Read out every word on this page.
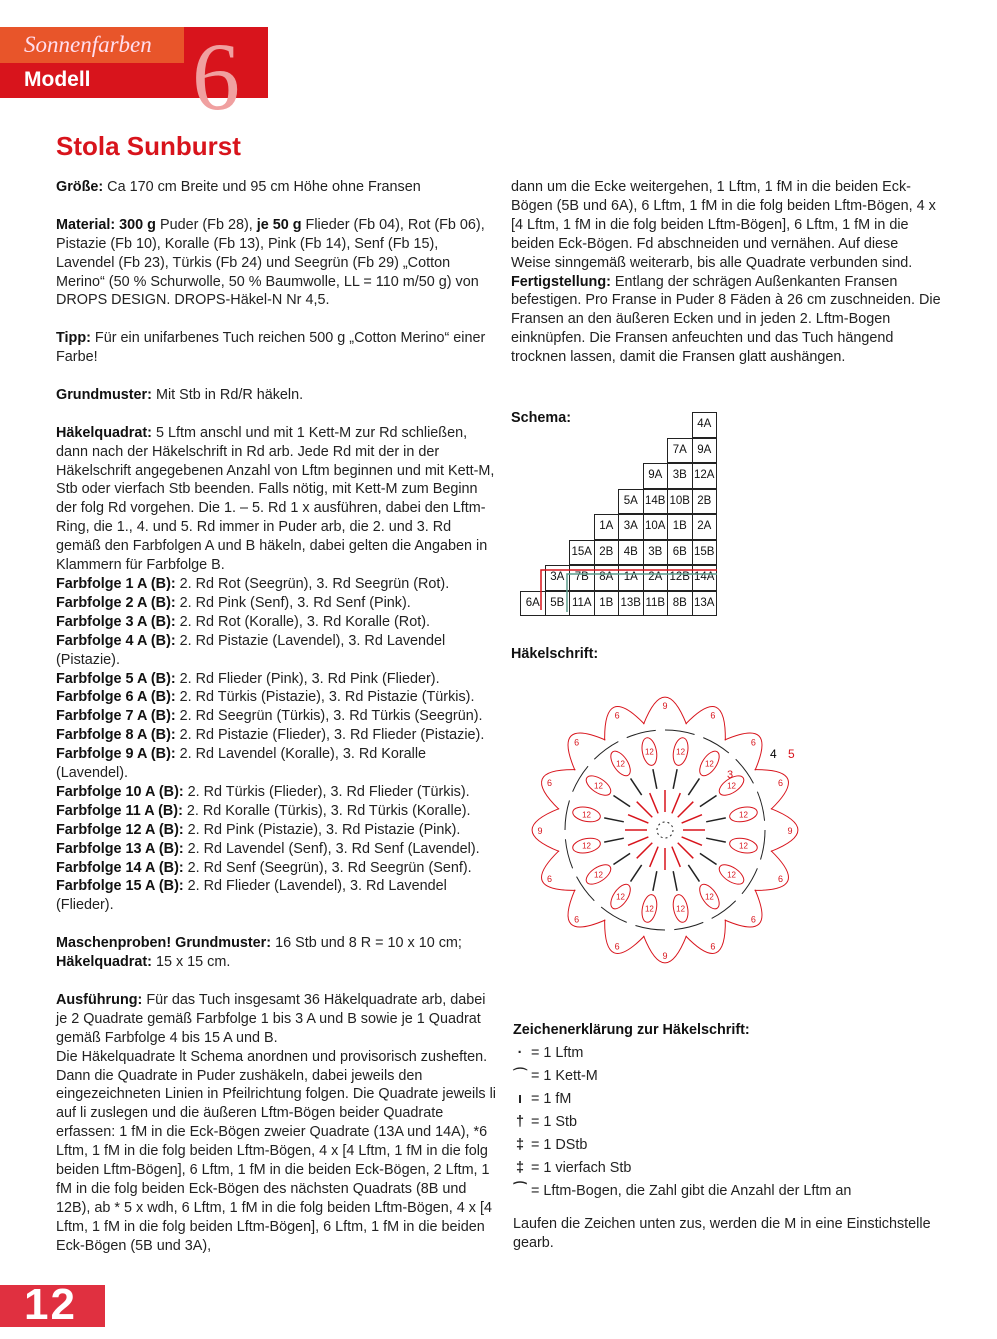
Sonnenfarben
Modell 6
Stola Sunburst

Größe: Ca 170 cm Breite und 95 cm Höhe ohne Fransen

Material: 300 g Puder (Fb 28), je 50 g Flieder (Fb 04), Rot (Fb 06), Pistazie (Fb 10), Koralle (Fb 13), Pink (Fb 14), Senf (Fb 15), Lavendel (Fb 23), Türkis (Fb 24) und Seegrün (Fb 29) „Cotton Merino“ (50 % Schurwolle, 50 % Baumwolle, LL = 110 m/50 g) von DROPS DESIGN. DROPS-Häkel-N Nr 4,5.

Tipp: Für ein unifarbenes Tuch reichen 500 g „Cotton Merino“ einer Farbe!

Grundmuster: Mit Stb in Rd/R häkeln.

Häkelquadrat: 5 Lftm anschl und mit 1 Kett-M zur Rd schließen, dann nach der Häkelschrift in Rd arb. Jede Rd mit der in der Häkelschrift angegebenen Anzahl von Lftm beginnen und mit Kett-M, Stb oder vierfach Stb beenden. Falls nötig, mit Kett-M zum Beginn der folg Rd vorgehen. Die 1. – 5. Rd 1 x ausführen, dabei den Lftm-Ring, die 1., 4. und 5. Rd immer in Puder arb, die 2. und 3. Rd gemäß den Farbfolgen A und B häkeln, dabei gelten die Angaben in Klammern für Farbfolge B.

Farbfolge 1 A (B): 2. Rd Rot (Seegrün), 3. Rd Seegrün (Rot).

Farbfolge 2 A (B): 2. Rd Pink (Senf), 3. Rd Senf (Pink).

Farbfolge 3 A (B): 2. Rd Rot (Koralle), 3. Rd Koralle (Rot).

Farbfolge 4 A (B): 2. Rd Pistazie (Lavendel), 3. Rd Lavendel (Pistazie).

Farbfolge 5 A (B): 2. Rd Flieder (Pink), 3. Rd Pink (Flieder).

Farbfolge 6 A (B): 2. Rd Türkis (Pistazie), 3. Rd Pistazie (Türkis).

Farbfolge 7 A (B): 2. Rd Seegrün (Türkis), 3. Rd Türkis (Seegrün).

Farbfolge 8 A (B): 2. Rd Pistazie (Flieder), 3. Rd Flieder (Pistazie).

Farbfolge 9 A (B): 2. Rd Lavendel (Koralle), 3. Rd Koralle (Lavendel).

Farbfolge 10 A (B): 2. Rd Türkis (Flieder), 3. Rd Flieder (Türkis).

Farbfolge 11 A (B): 2. Rd Koralle (Türkis), 3. Rd Türkis (Koralle).

Farbfolge 12 A (B): 2. Rd Pink (Pistazie), 3. Rd Pistazie (Pink).

Farbfolge 13 A (B): 2. Rd Lavendel (Senf), 3. Rd Senf (Lavendel).

Farbfolge 14 A (B): 2. Rd Senf (Seegrün), 3. Rd Seegrün (Senf).

Farbfolge 15 A (B): 2. Rd Flieder (Lavendel), 3. Rd Lavendel (Flieder).

Maschenproben! Grundmuster: 16 Stb und 8 R = 10 x 10 cm; Häkelquadrat: 15 x 15 cm.

Ausführung: Für das Tuch insgesamt 36 Häkelquadrate arb, dabei je 2 Quadrate gemäß Farbfolge 1 bis 3 A und B sowie je 1 Quadrat gemäß Farbfolge 4 bis 15 A und B.

Die Häkelquadrate lt Schema anordnen und provisorisch zusheften. Dann die Quadrate in Puder zushäkeln, dabei jeweils den eingezeichneten Linien in Pfeilrichtung folgen. Die Quadrate jeweils li auf li zuslegen und die äußeren Lftm-Bögen beider Quadrate erfassen: 1 fM in die Eck-Bögen zweier Quadrate (13A und 14A), *6 Lftm, 1 fM in die folg beiden Lftm-Bögen, 4 x [4 Lftm, 1 fM in die folg beiden Lftm-Bögen], 6 Lftm, 1 fM in die beiden Eck-Bögen, 2 Lftm, 1 fM in die folg beiden Eck-Bögen des nächsten Quadrats (8B und 12B), ab * 5 x wdh, 6 Lftm, 1 fM in die folg beiden Lftm-Bögen, 4 x [4 Lftm, 1 fM in die folg beiden Lftm-Bögen], 6 Lftm, 1 fM in die beiden Eck-Bögen (5B und 3A),

dann um die Ecke weitergehen, 1 Lftm, 1 fM in die beiden Eck-Bögen (5B und 6A), 6 Lftm, 1 fM in die folg beiden Lftm-Bögen, 4 x [4 Lftm, 1 fM in die folg beiden Lftm-Bögen], 6 Lftm, 1 fM in die beiden Eck-Bögen. Fd abschneiden und vernähen. Auf diese Weise sinngemäß weiterarb, bis alle Quadrate verbunden sind.

Fertigstellung: Entlang der schrägen Außenkanten Fransen befestigen. Pro Franse in Puder 8 Fäden à 26 cm zuschneiden. Die Fransen an den äußeren Ecken und in jeden 2. Lftm-Bogen einknüpfen. Die Fransen anfeuchten und das Tuch hängend trocknen lassen, damit die Fransen glatt aushängen.

Schema:	4A
7A 9A
9A 3B 12A
5A 14B 10B 2B
1A 3A 10A 1B 2A
15A 2B 4B 3B 6B 15B
3A 7B 8A 1A 2A 12B 14A
6A 5B 11A 1B 13B 11B 8B 13A
Häkelschrift:
9
12
6
12
6
12
6
12
9
12
6
12
6
12
6
12
9
12
6	12
6
12
6
12
9
12
6
12
6
12	6
12
4 5
3
Zeichenerklärung zur Häkelschrift:
· = 1 Lftm
⌒ = 1 Kett-M
ı = 1 fM
† = 1 Stb
‡ = 1 DStb
‡ = 1 vierfach Stb
⁀ = Lftm-Bogen, die Zahl gibt die Anzahl der Lftm an
Laufen die Zeichen unten zus, werden die M in eine Einstichstelle gearb.
12
